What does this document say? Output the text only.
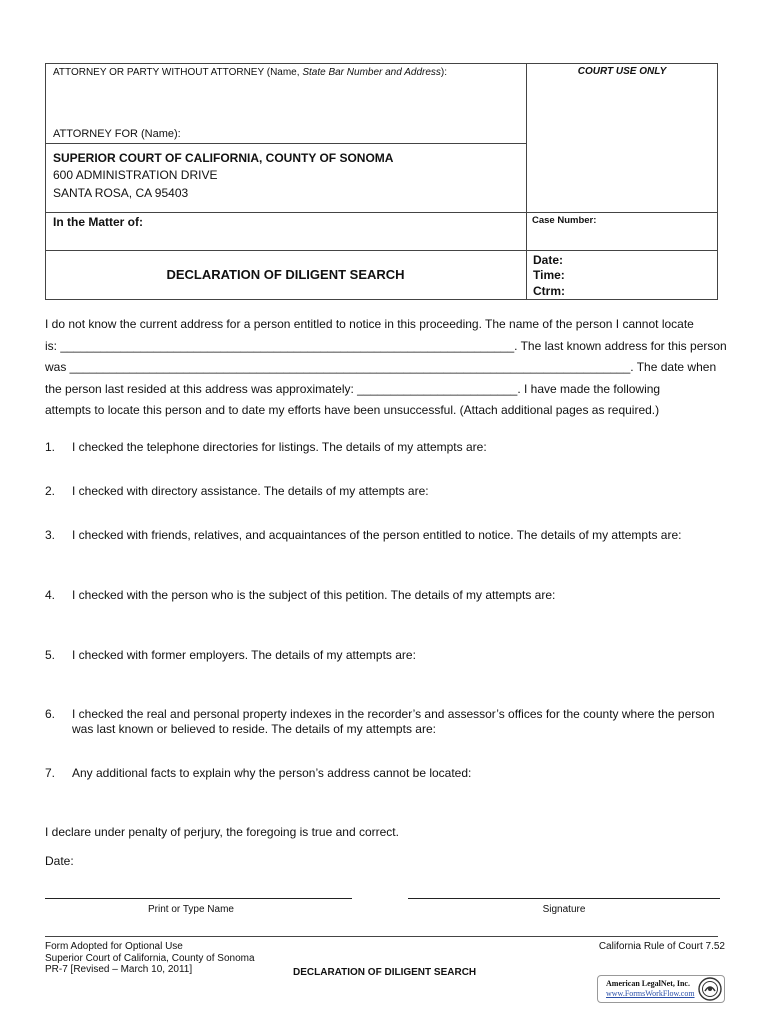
ATTORNEY OR PARTY WITHOUT ATTORNEY (Name, State Bar Number and Address):	COURT USE ONLY
ATTORNEY FOR (Name):
SUPERIOR COURT OF CALIFORNIA, COUNTY OF SONOMA
600 ADMINISTRATION DRIVE
SANTA ROSA, CA 95403
In the Matter of:	Case Number:
DECLARATION OF DILIGENT SEARCH
Date:
Time:
Ctrm:
I do not know the current address for a person entitled to notice in this proceeding. The name of the person I cannot locate
is: ____________________________________________________________________. The last known address for this person
was ____________________________________________________________________________________. The date when
the person last resided at this address was approximately: ________________________. I have made the following
attempts to locate this person and to date my efforts have been unsuccessful. (Attach additional pages as required.)
1. I checked the telephone directories for listings. The details of my attempts are:
2. I checked with directory assistance. The details of my attempts are:
3. I checked with friends, relatives, and acquaintances of the person entitled to notice. The details of my attempts are:
4. I checked with the person who is the subject of this petition. The details of my attempts are:
5. I checked with former employers. The details of my attempts are:
6. I checked the real and personal property indexes in the recorder’s and assessor’s offices for the county where the person was last known or believed to reside. The details of my attempts are:
7. Any additional facts to explain why the person’s address cannot be located:
I declare under penalty of perjury, the foregoing is true and correct.
Date:
Print or Type Name	Signature
Form Adopted for Optional Use
Superior Court of California, County of Sonoma
PR-7 [Revised – March 10, 2011]	DECLARATION OF DILIGENT SEARCH
California Rule of Court 7.52
American LegalNet, Inc.
www.FormsWorkFlow.com
